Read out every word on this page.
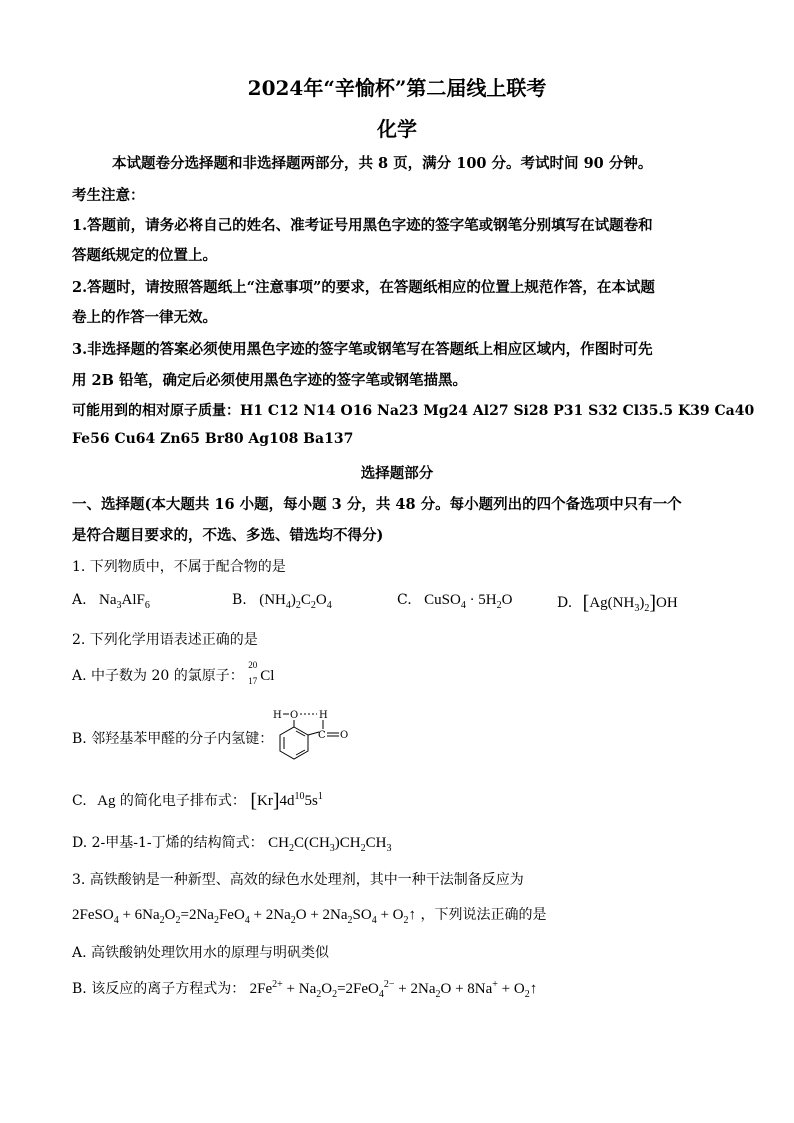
2024年“辛愉杯”第二届线上联考
化学
本试题卷分选择题和非选择题两部分，共 8 页，满分 100 分。考试时间 90 分钟。
考生注意：
1.答题前，请务必将自己的姓名、准考证号用黑色字迹的签字笔或钢笔分别填写在试题卷和
答题纸规定的位置上。
2.答题时，请按照答题纸上“注意事项”的要求，在答题纸相应的位置上规范作答，在本试题
卷上的作答一律无效。
3.非选择题的答案必须使用黑色字迹的签字笔或钢笔写在答题纸上相应区域内，作图时可先
用 2B 铅笔，确定后必须使用黑色字迹的签字笔或钢笔描黑。
可能用到的相对原子质量：H1 C12 N14 O16 Na23 Mg24 Al27 Si28 P31 S32 Cl35.5 K39 Ca40
Fe56 Cu64 Zn65 Br80 Ag108 Ba137
选择题部分
一、选择题(本大题共 16 小题，每小题 3 分，共 48 分。每小题列出的四个备选项中只有一个
是符合题目要求的，不选、多选、错选均不得分)
1. 下列物质中，不属于配合物的是
A. $Na_3AlF_6$	B. $(NH_4)_2C_2O_4$	C. CuSO$_4$ · $5H_2O$	D. $[Ag(NH_3)_2]OH$
2. 下列化学用语表述正确的是
A. 中子数为 20 的氯原子：
20
17 Cl

B. 邻羟基苯甲醛的分子内氢键：
H O H
C O
C. Ag 的简化电子排布式： $[Kr]4d^{10}5s^1$
D. 2-甲基-1-丁烯的结构简式： $CH_2C(CH_3)CH_2CH_3$
3. 高铁酸钠是一种新型、高效的绿色水处理剂，其中一种干法制备反应为
2FeSO$_4$ + $6Na_2O_2=2Na_2FeO_4 + 2Na_2O + 2Na_2SO_4$ + $O_2↑$ ，下列说法正确的是
A. 高铁酸钠处理饮用水的原理与明矾类似
B. 该反应的离子方程式为： $2Fe^{2+} + Na_2O_2=2FeO_4^{2-} + 2Na_2O + 8Na^+$ + $O_2↑$
